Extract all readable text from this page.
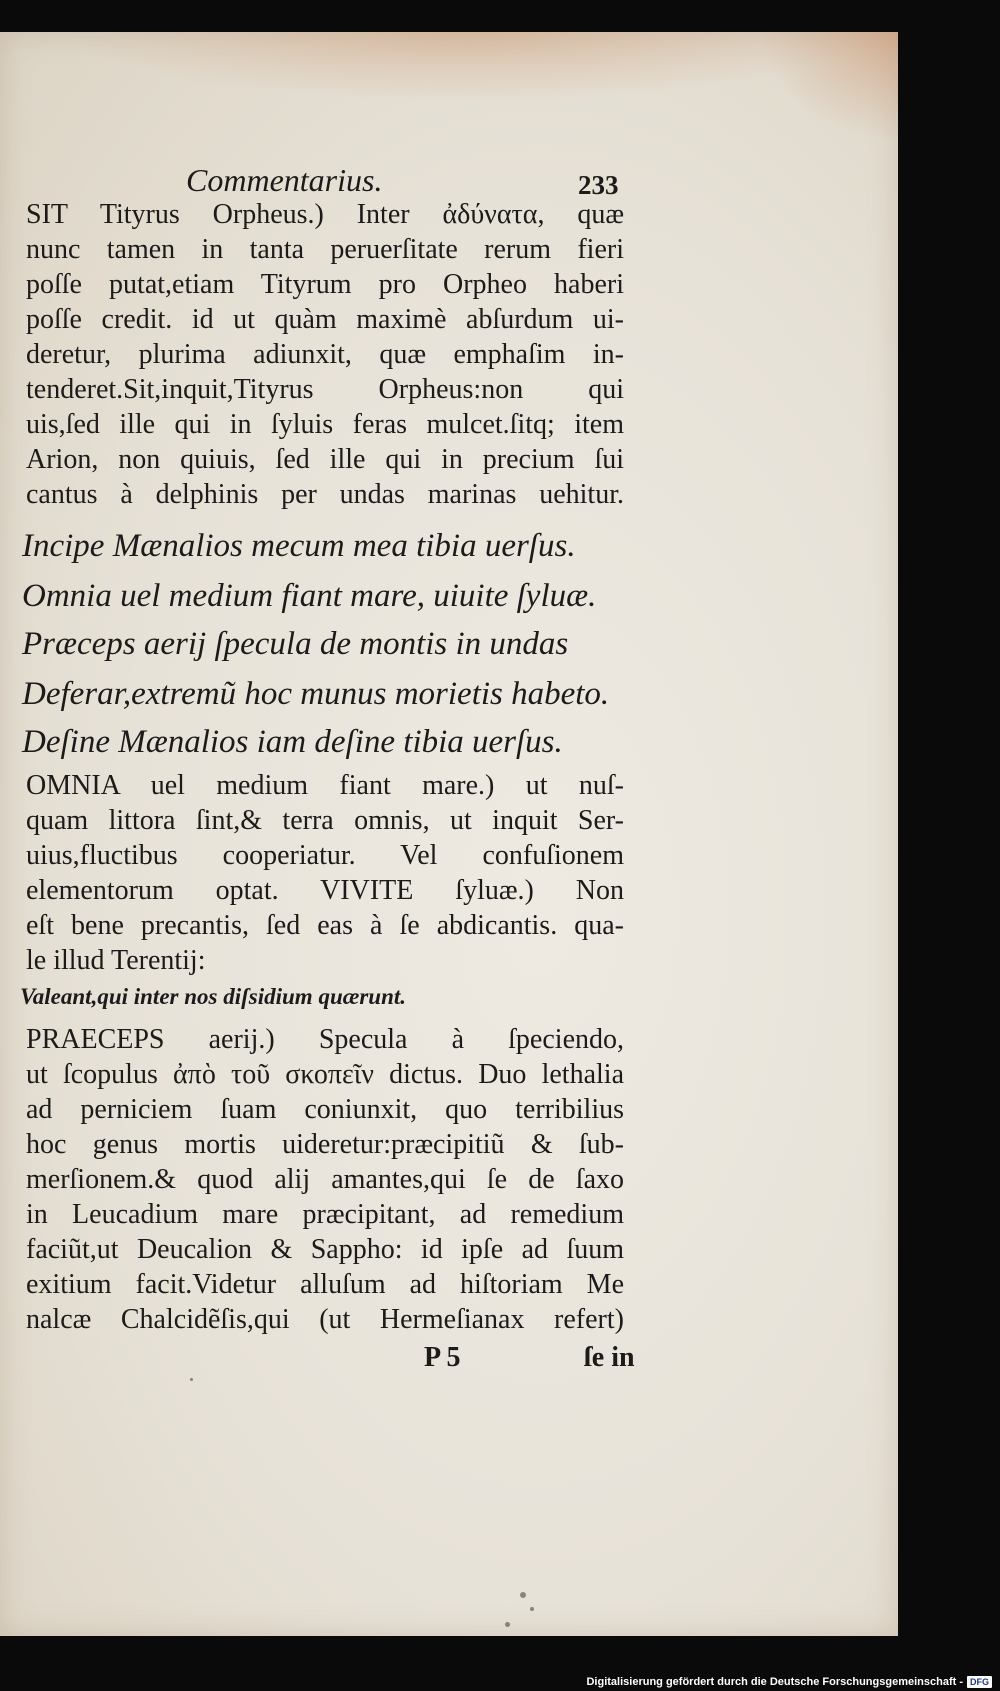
Commentarius.	233
SIT Tityrus Orpheus.) Inter ἀδύνατα, quæ
nunc tamen in tanta peruerſitate rerum fieri
poſſe putat,etiam Tityrum pro Orpheo haberi
poſſe credit. id ut quàm maximè abſurdum ui-
deretur, plurima adiunxit, quæ emphaſim in-
tenderet.Sit,inquit,Tityrus Orpheus:non qui
uis,ſed ille qui in ſyluis feras mulcet.ſitq; item
Arion, non quiuis, ſed ille qui in precium ſui
cantus à delphinis per undas marinas uehitur.
Incipe Mænalios mecum mea tibia uerſus.
Omnia uel medium fiant mare, uiuite ſyluæ.
Præceps aerij ſpecula de montis in undas
Deferar,extremũ hoc munus morietis habeto.
Deſine Mænalios iam deſine tibia uerſus.
OMNIA uel medium fiant mare.) ut nuſ-
quam littora ſint,& terra omnis, ut inquit Ser-
uius,fluctibus cooperiatur. Vel confuſionem
elementorum optat. VIVITE ſyluæ.) Non
eſt bene precantis, ſed eas à ſe abdicantis. qua-
le illud Terentij:
Valeant,qui inter nos diſsidium quærunt.
PRAECEPS aerij.) Specula à ſpeciendo,
ut ſcopulus ἀπὸ τοῦ σκοπεῖν dictus. Duo lethalia
ad perniciem ſuam coniunxit, quo terribilius
hoc genus mortis uideretur:præcipitiũ & ſub-
merſionem.& quod alij amantes,qui ſe de ſaxo
in Leucadium mare præcipitant, ad remedium
faciũt,ut Deucalion & Sappho: id ipſe ad ſuum
exitium facit.Videtur alluſum ad hiſtoriam Me
nalcæ Chalcidẽſis,qui (ut Hermeſianax refert)
P 5	ſe in
Digitalisierung gefördert durch die Deutsche Forschungsgemeinschaft - DFG
